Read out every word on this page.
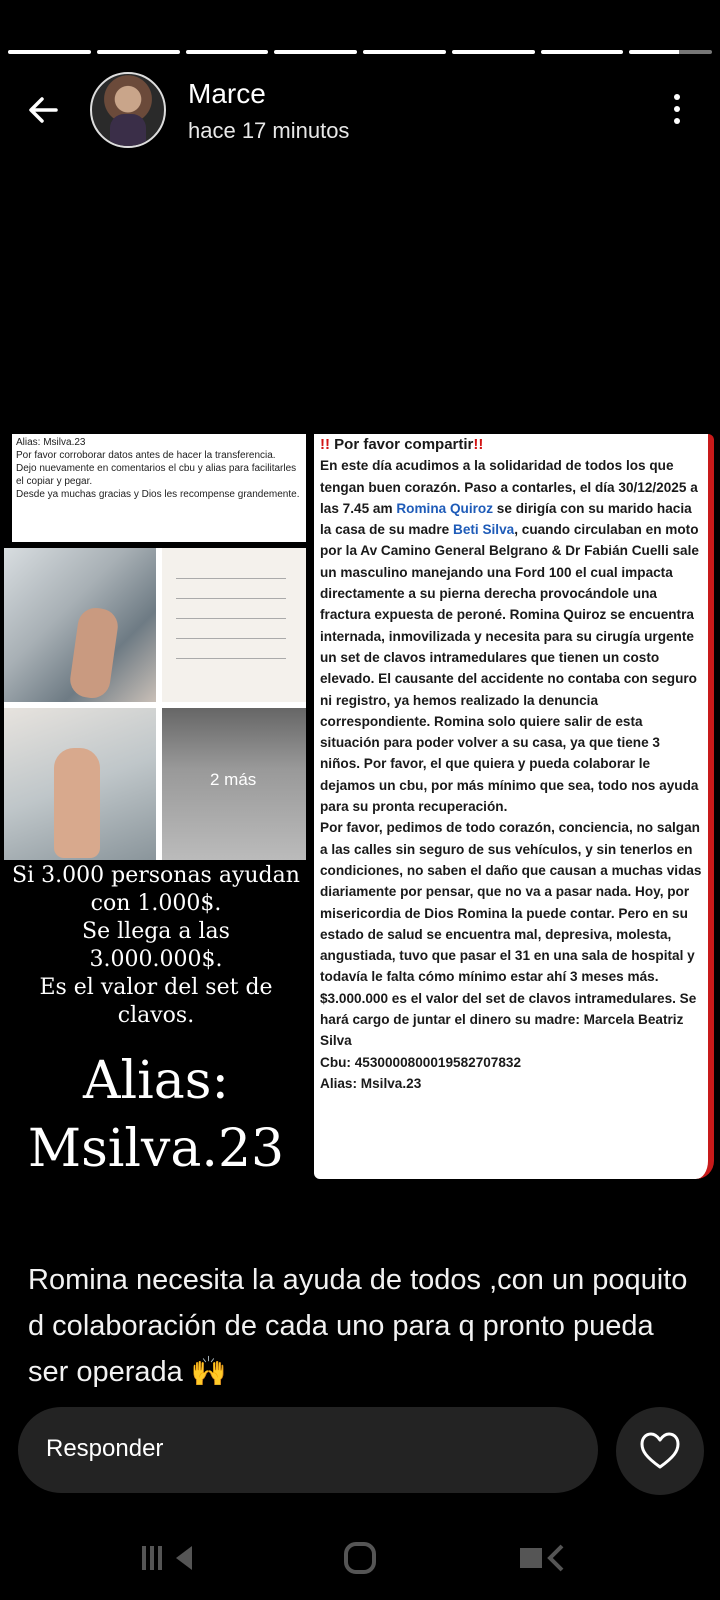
Marce
hace 17 minutos
Alias: Msilva.23
Por favor corroborar datos antes de hacer la transferencia.
Dejo nuevamente en comentarios el cbu y alias para facilitarles el copiar y pegar.
Desde ya muchas gracias y Dios les recompense grandemente.
2 más
Si 3.000 personas ayudan
con 1.000$.
Se llega a las
3.000.000$.
Es el valor del set de
clavos.
Alias:
Msilva.23
!! Por favor compartir!!
En este día acudimos a la solidaridad de todos los que tengan buen corazón. Paso a contarles, el día 30/12/2025 a las 7.45 am Romina Quiroz se dirigía con su marido hacia la casa de su madre Beti Silva, cuando circulaban en moto por la Av Camino General Belgrano & Dr Fabián Cuelli sale un masculino manejando una Ford 100 el cual impacta directamente a su pierna derecha provocándole una fractura expuesta de peroné. Romina Quiroz se encuentra internada, inmovilizada y necesita para su cirugía urgente un set de clavos intramedulares que tienen un costo elevado. El causante del accidente no contaba con seguro ni registro, ya hemos realizado la denuncia correspondiente. Romina solo quiere salir de esta situación para poder volver a su casa, ya que tiene 3 niños. Por favor, el que quiera y pueda colaborar le dejamos un cbu, por más mínimo que sea, todo nos ayuda para su pronta recuperación.
Por favor, pedimos de todo corazón, conciencia, no salgan a las calles sin seguro de sus vehículos, y sin tenerlos en condiciones, no saben el daño que causan a muchas vidas diariamente por pensar, que no va a pasar nada. Hoy, por misericordia de Dios Romina la puede contar. Pero en su estado de salud se encuentra mal, depresiva, molesta, angustiada, tuvo que pasar el 31 en una sala de hospital y todavía le falta cómo mínimo estar ahí 3 meses más.
$3.000.000 es el valor del set de clavos intramedulares. Se hará cargo de juntar el dinero su madre: Marcela Beatriz Silva
Cbu: 4530000800019582707832
Alias: Msilva.23
Romina necesita la ayuda de todos ,con un poquito d colaboración de cada uno para q pronto pueda ser operada 🙌
Responder
